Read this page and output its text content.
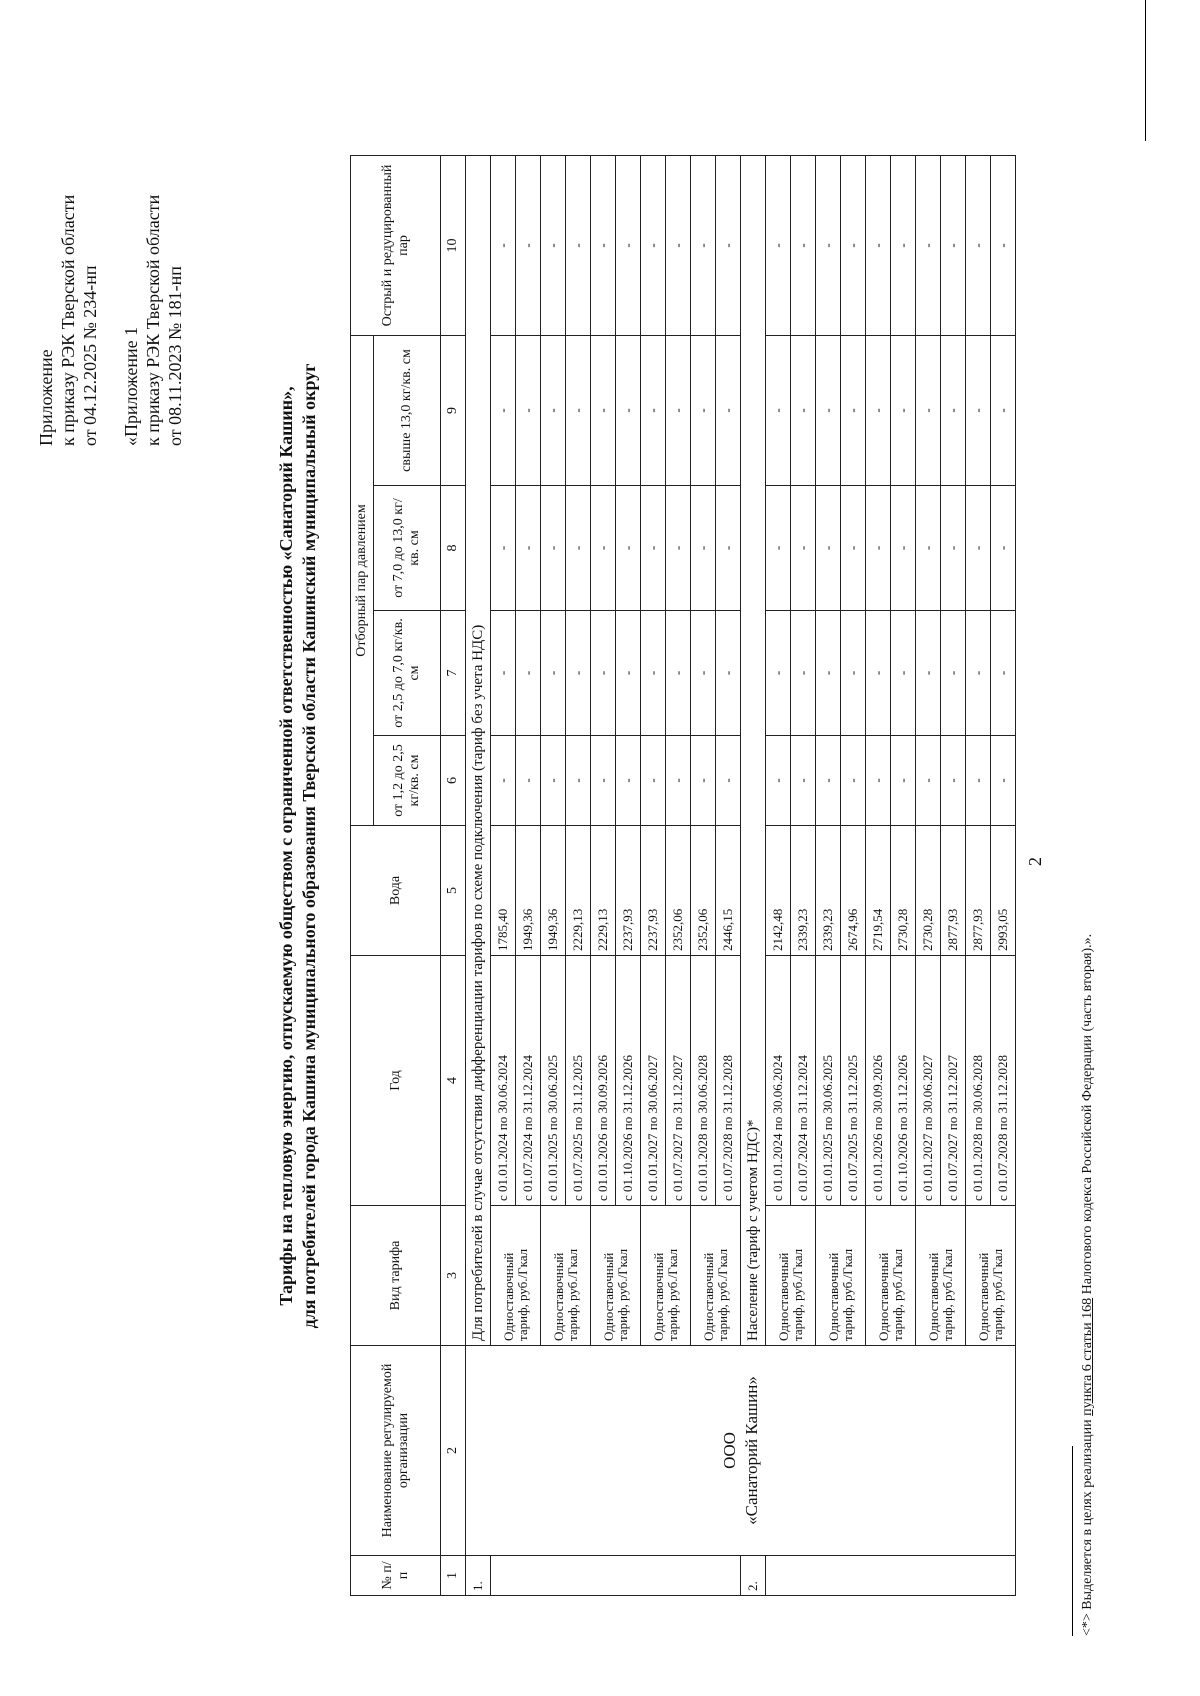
2
Приложение к приказу РЭК Тверской области от 04.12.2025 № 234-нп «Приложение 1 к приказу РЭК Тверской области от 08.11.2023 № 181-нп
Тарифы на тепловую энергию, отпускаемую обществом с ограниченной ответственностью «Санаторий Кашин», для потребителей города Кашина муниципального образования Тверской области Кашинский муниципальный округ
№ п/п	Наименование регулируемой организации	Вид тарифа	Год	Вода	Отборный пар давлением				Острый и редуцированный пар
					от 1,2 до 2,5 кг/кв. см	от 2,5 до 7,0 кг/кв. см	от 7,0 до 13,0 кг/кв. см	свыше 13,0 кг/кв. см	
1	2	3	4	5	6	7	8	9	10
1.	ООО «Санаторий Кашин»	Для потребителей в случае отсутствия дифференциации тарифов по схеме подключения (тариф без учета НДС)							

		Одноставочный тариф, руб./Гкал	с 01.01.2024 по 30.06.2024	1785,40	-	-	-	-	-
			с 01.07.2024 по 31.12.2024	1949,36	-	-	-	-	-

		Одноставочный тариф, руб./Гкал	с 01.01.2025 по 30.06.2025	1949,36	-	-	-	-	-
			с 01.07.2025 по 31.12.2025	2229,13	-	-	-	-	-

		Одноставочный тариф, руб./Гкал	с 01.01.2026 по 30.09.2026	2229,13	-	-	-	-	-
			с 01.10.2026 по 31.12.2026	2237,93	-	-	-	-	-

		Одноставочный тариф, руб./Гкал	с 01.01.2027 по 30.06.2027	2237,93	-	-	-	-	-
			с 01.07.2027 по 31.12.2027	2352,06	-	-	-	-	-

		Одноставочный тариф, руб./Гкал	с 01.01.2028 по 30.06.2028	2352,06	-	-	-	-	-
			с 01.07.2028 по 31.12.2028	2446,15	-	-	-	-	-
2.		Население (тариф с учетом НДС)*							

		Одноставочный тариф, руб./Гкал	с 01.01.2024 по 30.06.2024	2142,48	-	-	-	-	-
			с 01.07.2024 по 31.12.2024	2339,23	-	-	-	-	-

		Одноставочный тариф, руб./Гкал	с 01.01.2025 по 30.06.2025	2339,23	-	-	-	-	-
			с 01.07.2025 по 31.12.2025	2674,96	-	-	-	-	-

		Одноставочный тариф, руб./Гкал	с 01.01.2026 по 30.09.2026	2719,54	-	-	-	-	-
			с 01.10.2026 по 31.12.2026	2730,28	-	-	-	-	-

		Одноставочный тариф, руб./Гкал	с 01.01.2027 по 30.06.2027	2730,28	-	-	-	-	-
			с 01.07.2027 по 31.12.2027	2877,93	-	-	-	-	-

		Одноставочный тариф, руб./Гкал	с 01.01.2028 по 30.06.2028	2877,93	-	-	-	-	-
			с 01.07.2028 по 31.12.2028	2993,05	-	-	-	-	-
<*> Выделяется в целях реализации пункта 6 статьи 168 Налогового кодекса Российской Федерации (часть вторая).».
